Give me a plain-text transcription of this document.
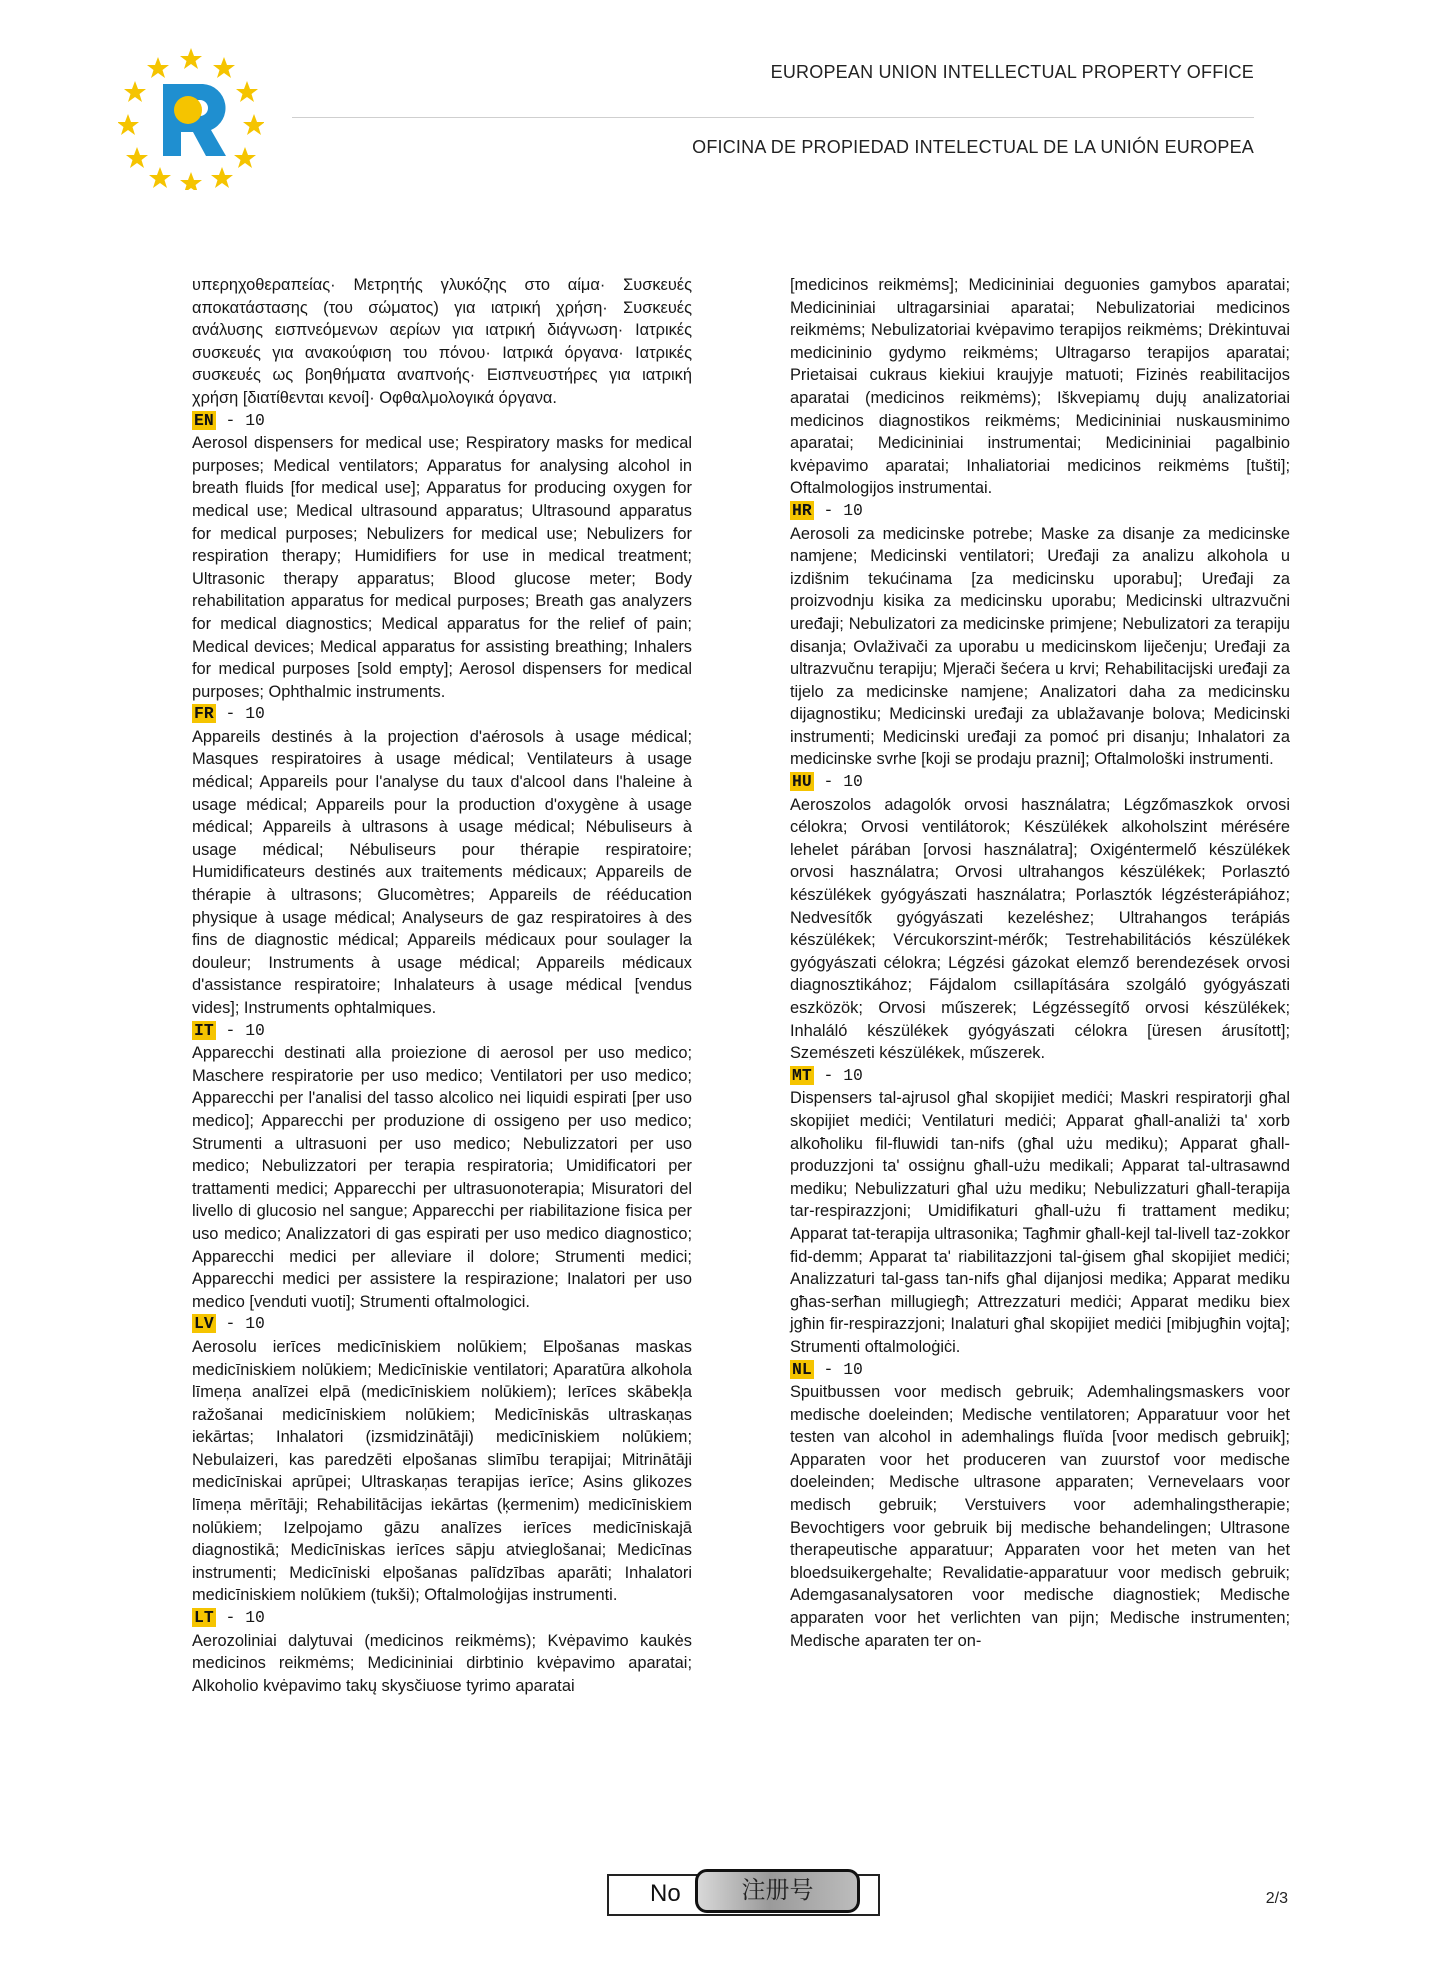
EUROPEAN UNION INTELLECTUAL PROPERTY OFFICE
OFICINA DE PROPIEDAD INTELECTUAL DE LA UNIÓN EUROPEA

υπερηχοθεραπείας· Μετρητής γλυκόζης στο αίμα· Συσκευές αποκατάστασης (του σώματος) για ιατρική χρήση· Συσκευές ανάλυσης εισπνεόμενων αερίων για ιατρική διάγνωση· Ιατρικές συσκευές για ανακούφιση του πόνου· Ιατρικά όργανα· Ιατρικές συσκευές ως βοηθήματα αναπνοής· Εισπνευστήρες για ιατρική χρήση [διατίθενται κενοί]· Οφθαλμολογικά όργανα.

EN - 10

Aerosol dispensers for medical use; Respiratory masks for medical purposes; Medical ventilators; Apparatus for analysing alcohol in breath fluids [for medical use]; Apparatus for producing oxygen for medical use; Medical ultrasound apparatus; Ultrasound apparatus for medical purposes; Nebulizers for medical use; Nebulizers for respiration therapy; Humidifiers for use in medical treatment; Ultrasonic therapy apparatus; Blood glucose meter; Body rehabilitation apparatus for medical purposes; Breath gas analyzers for medical diagnostics; Medical apparatus for the relief of pain; Medical devices; Medical apparatus for assisting breathing; Inhalers for medical purposes [sold empty]; Aerosol dispensers for medical purposes; Ophthalmic instruments.

FR - 10

Appareils destinés à la projection d'aérosols à usage médical; Masques respiratoires à usage médical; Ventilateurs à usage médical; Appareils pour l'analyse du taux d'alcool dans l'haleine à usage médical; Appareils pour la production d'oxygène à usage médical; Appareils à ultrasons à usage médical; Nébuliseurs à usage médical; Nébuliseurs pour thérapie respiratoire; Humidificateurs destinés aux traitements médicaux; Appareils de thérapie à ultrasons; Glucomètres; Appareils de rééducation physique à usage médical; Analyseurs de gaz respiratoires à des fins de diagnostic médical; Appareils médicaux pour soulager la douleur; Instruments à usage médical; Appareils médicaux d'assistance respiratoire; Inhalateurs à usage médical [vendus vides]; Instruments ophtalmiques.

IT - 10

Apparecchi destinati alla proiezione di aerosol per uso medico; Maschere respiratorie per uso medico; Ventilatori per uso medico; Apparecchi per l'analisi del tasso alcolico nei liquidi espirati [per uso medico]; Apparecchi per produzione di ossigeno per uso medico; Strumenti a ultrasuoni per uso medico; Nebulizzatori per uso medico; Nebulizzatori per terapia respiratoria; Umidificatori per trattamenti medici; Apparecchi per ultrasuonoterapia; Misuratori del livello di glucosio nel sangue; Apparecchi per riabilitazione fisica per uso medico; Analizzatori di gas espirati per uso medico diagnostico; Apparecchi medici per alleviare il dolore; Strumenti medici; Apparecchi medici per assistere la respirazione; Inalatori per uso medico [venduti vuoti]; Strumenti oftalmologici.

LV - 10

Aerosolu ierīces medicīniskiem nolūkiem; Elpošanas maskas medicīniskiem nolūkiem; Medicīniskie ventilatori; Aparatūra alkohola līmeņa analīzei elpā (medicīniskiem nolūkiem); Ierīces skābekļa ražošanai medicīniskiem nolūkiem; Medicīniskās ultraskaņas iekārtas; Inhalatori (izsmidzinātāji) medicīniskiem nolūkiem; Nebulaizeri, kas paredzēti elpošanas slimību terapijai; Mitrinātāji medicīniskai aprūpei; Ultraskaņas terapijas ierīce; Asins glikozes līmeņa mērītāji; Rehabilitācijas iekārtas (ķermenim) medicīniskiem nolūkiem; Izelpojamo gāzu analīzes ierīces medicīniskajā diagnostikā; Medicīniskas ierīces sāpju atvieglošanai; Medicīnas instrumenti; Medicīniski elpošanas palīdzības aparāti; Inhalatori medicīniskiem nolūkiem (tukši); Oftalmoloģijas instrumenti.

LT - 10

Aerozoliniai dalytuvai (medicinos reikmėms); Kvėpavimo kaukės medicinos reikmėms; Medicininiai dirbtinio kvėpavimo aparatai; Alkoholio kvėpavimo takų skysčiuose tyrimo aparatai

[medicinos reikmėms]; Medicininiai deguonies gamybos aparatai; Medicininiai ultragarsiniai aparatai; Nebulizatoriai medicinos reikmėms; Nebulizatoriai kvėpavimo terapijos reikmėms; Drėkintuvai medicininio gydymo reikmėms; Ultragarso terapijos aparatai; Prietaisai cukraus kiekiui kraujyje matuoti; Fizinės reabilitacijos aparatai (medicinos reikmėms); Iškvepiamų dujų analizatoriai medicinos diagnostikos reikmėms; Medicininiai nuskausminimo aparatai; Medicininiai instrumentai; Medicininiai pagalbinio kvėpavimo aparatai; Inhaliatoriai medicinos reikmėms [tušti]; Oftalmologijos instrumentai.

HR - 10

Aerosoli za medicinske potrebe; Maske za disanje za medicinske namjene; Medicinski ventilatori; Uređaji za analizu alkohola u izdišnim tekućinama [za medicinsku uporabu]; Uređaji za proizvodnju kisika za medicinsku uporabu; Medicinski ultrazvučni uređaji; Nebulizatori za medicinske primjene; Nebulizatori za terapiju disanja; Ovlaživači za uporabu u medicinskom liječenju; Uređaji za ultrazvučnu terapiju; Mjerači šećera u krvi; Rehabilitacijski uređaji za tijelo za medicinske namjene; Analizatori daha za medicinsku dijagnostiku; Medicinski uređaji za ublažavanje bolova; Medicinski instrumenti; Medicinski uređaji za pomoć pri disanju; Inhalatori za medicinske svrhe [koji se prodaju prazni]; Oftalmološki instrumenti.

HU - 10

Aeroszolos adagolók orvosi használatra; Légzőmaszkok orvosi célokra; Orvosi ventilátorok; Készülékek alkoholszint mérésére lehelet párában [orvosi használatra]; Oxigéntermelő készülékek orvosi használatra; Orvosi ultrahangos készülékek; Porlasztó készülékek gyógyászati használatra; Porlasztók légzésterápiához; Nedvesítők gyógyászati kezeléshez; Ultrahangos terápiás készülékek; Vércukorszint-mérők; Testrehabilitációs készülékek gyógyászati célokra; Légzési gázokat elemző berendezések orvosi diagnosztikához; Fájdalom csillapítására szolgáló gyógyászati eszközök; Orvosi műszerek; Légzéssegítő orvosi készülékek; Inhaláló készülékek gyógyászati célokra [üresen árusított]; Szemészeti készülékek, műszerek.

MT - 10

Dispensers tal-ajrusol għal skopijiet mediċi; Maskri respiratorji għal skopijiet mediċi; Ventilaturi mediċi; Apparat għall-analiżi ta' xorb alkoħoliku fil-fluwidi tan-nifs (għal użu mediku); Apparat għall-produzzjoni ta' ossiġnu għall-użu medikali; Apparat tal-ultrasawnd mediku; Nebulizzaturi għal użu mediku; Nebulizzaturi għall-terapija tar-respirazzjoni; Umidifikaturi għall-użu fi trattament mediku; Apparat tat-terapija ultrasonika; Tagħmir għall-kejl tal-livell taz-zokkor fid-demm; Apparat ta' riabilitazzjoni tal-ġisem għal skopijiet mediċi; Analizzaturi tal-gass tan-nifs għal dijanjosi medika; Apparat mediku għas-serħan millugiegħ; Attrezzaturi mediċi; Apparat mediku biex jgħin fir-respirazzjoni; Inalaturi għal skopijiet mediċi [mibjugħin vojta]; Strumenti oftalmoloġiċi.

NL - 10

Spuitbussen voor medisch gebruik; Ademhalingsmaskers voor medische doeleinden; Medische ventilatoren; Apparatuur voor het testen van alcohol in ademhalings fluïda [voor medisch gebruik]; Apparaten voor het produceren van zuurstof voor medische doeleinden; Medische ultrasone apparaten; Vernevelaars voor medisch gebruik; Verstuivers voor ademhalingstherapie; Bevochtigers voor gebruik bij medische behandelingen; Ultrasone therapeutische apparatuur; Apparaten voor het meten van het bloedsuikergehalte; Revalidatie-apparatuur voor medisch gebruik; Ademgasanalysatoren voor medische diagnostiek; Medische apparaten voor het verlichten van pijn; Medische instrumenten; Medische aparaten ter on-

No	注册号	2/3
